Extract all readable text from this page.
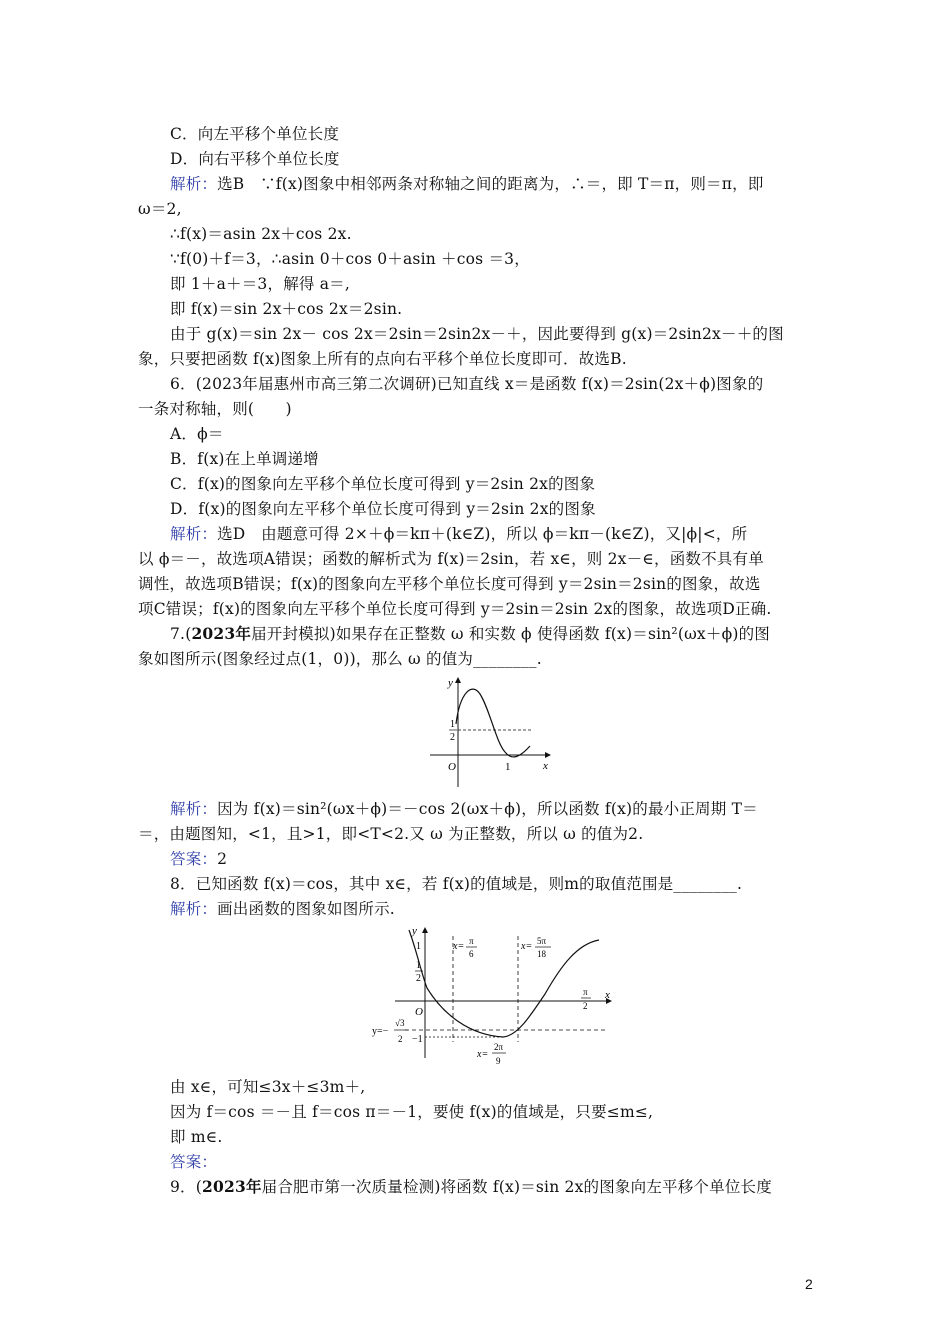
C．向左平移个单位长度
D．向右平移个单位长度
解析：选B　∵f(x)图象中相邻两条对称轴之间的距离为，∴＝，即 T＝π，则＝π，即
ω＝2,
∴f(x)＝asin 2x＋cos 2x.
∵f(0)＋f＝3，∴asin 0＋cos 0＋asin ＋cos ＝3，
即 1＋a＋＝3，解得 a＝,
即 f(x)＝sin 2x＋cos 2x＝2sin.
由于 g(x)＝sin 2x－ cos 2x＝2sin＝2sin2x－＋，因此要得到 g(x)＝2sin2x－＋的图
象，只要把函数 f(x)图象上所有的点向右平移个单位长度即可．故选B.
6．(2023年届惠州市高三第二次调研)已知直线 x＝是函数 f(x)＝2sin(2x＋ϕ)图象的
一条对称轴，则(　　)
A．ϕ＝
B．f(x)在上单调递增
C．f(x)的图象向左平移个单位长度可得到 y＝2sin 2x的图象
D．f(x)的图象向左平移个单位长度可得到 y＝2sin 2x的图象
解析：选D　由题意可得 2×＋ϕ＝kπ＋(k∈Z)，所以 ϕ＝kπ－(k∈Z)，又|ϕ|<，所
以 ϕ＝－，故选项A错误；函数的解析式为 f(x)＝2sin，若 x∈，则 2x－∈，函数不具有单
调性，故选项B错误；f(x)的图象向左平移个单位长度可得到 y＝2sin＝2sin的图象，故选
项C错误；f(x)的图象向左平移个单位长度可得到 y＝2sin＝2sin 2x的图象，故选项D正确.
7.(2023年届开封模拟)如果存在正整数 ω 和实数 ϕ 使得函数 f(x)＝sin²(ωx＋ϕ)的图
象如图所示(图象经过点(1，0))，那么 ω 的值为________.
y
x
O
1
2
1
解析：因为 f(x)＝sin²(ωx＋ϕ)＝－cos 2(ωx＋ϕ)，所以函数 f(x)的最小正周期 T＝
＝，由题图知，<1，且>1，即<T<2.又 ω 为正整数，所以 ω 的值为2.
答案：2
8．已知函数 f(x)＝cos，其中 x∈，若 f(x)的值域是，则m的取值范围是________.
解析：画出函数的图象如图所示.
y
x
O
1
1
2
−1
y=−
√3
2
x= π
6
x= 5π
18
x=
2π
9
π
2
由 x∈，可知≤3x＋≤3m＋,
因为 f＝cos ＝－且 f＝cos π＝－1，要使 f(x)的值域是，只要≤m≤,
即 m∈.
答案：
9．(2023年届合肥市第一次质量检测)将函数 f(x)＝sin 2x的图象向左平移个单位长度
2
